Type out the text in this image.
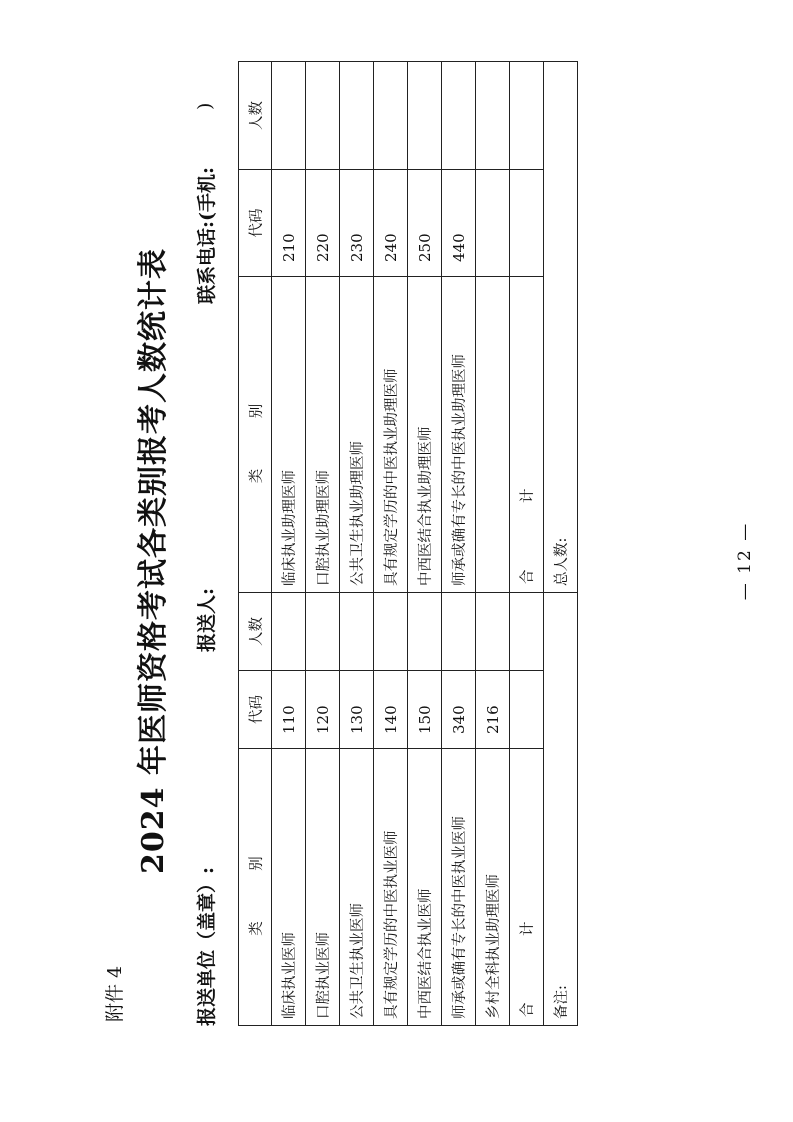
附件 4
2024 年医师资格考试各类别报考人数统计表
报送单位（盖章）:
报送人:
联系电话:(手机:
)
类　别	代码	人数	类　别	代码	人数
临床执业医师	110		临床执业助理医师	210	
口腔执业医师	120		口腔执业助理医师	220	
公共卫生执业医师	130		公共卫生执业助理医师	230	
具有规定学历的中医执业医师	140		具有规定学历的中医执业助理医师	240	
中西医结合执业医师	150		中西医结合执业助理医师	250	
师承或确有专长的中医执业医师	340		师承或确有专长的中医执业助理医师	440	
乡村全科执业助理医师	216				
合　计			合　计		
备注:			总人数:			— 12 —
